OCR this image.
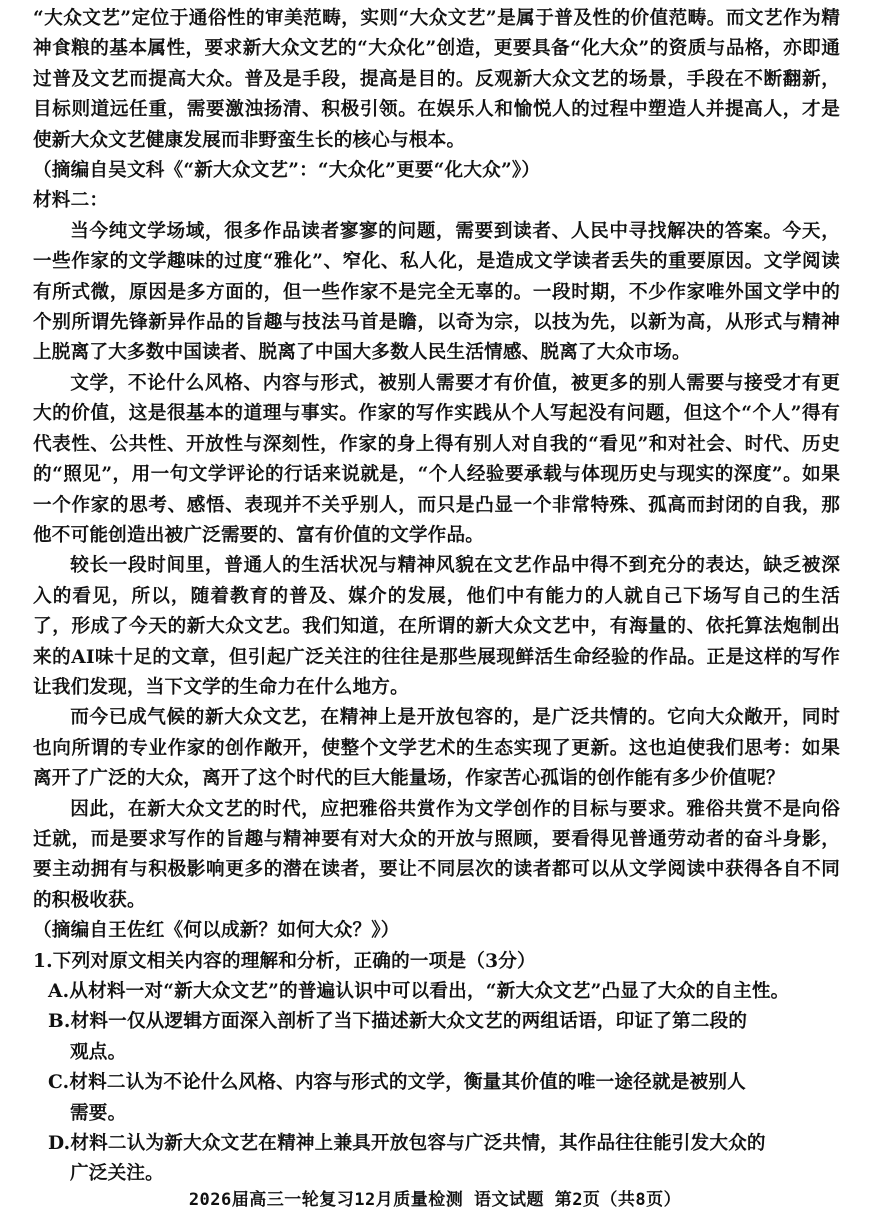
“大众文艺”定位于通俗性的审美范畴，实则“大众文艺”是属于普及性的价值范畴。而文艺作为精神食粮的基本属性，要求新大众文艺的“大众化”创造，更要具备“化大众”的资质与品格，亦即通过普及文艺而提高大众。普及是手段，提高是目的。反观新大众文艺的场景，手段在不断翻新，目标则道远任重，需要激浊扬清、积极引领。在娱乐人和愉悦人的过程中塑造人并提高人，才是使新大众文艺健康发展而非野蛮生长的核心与根本。

（摘编自吴文科《“新大众文艺”：“大众化”更要“化大众”》）

材料二：

当今纯文学场域，很多作品读者寥寥的问题，需要到读者、人民中寻找解决的答案。今天，一些作家的文学趣味的过度“雅化”、窄化、私人化，是造成文学读者丢失的重要原因。文学阅读有所式微，原因是多方面的，但一些作家不是完全无辜的。一段时期，不少作家唯外国文学中的个别所谓先锋新异作品的旨趣与技法马首是瞻，以奇为宗，以技为先，以新为高，从形式与精神上脱离了大多数中国读者、脱离了中国大多数人民生活情感、脱离了大众市场。

文学，不论什么风格、内容与形式，被别人需要才有价值，被更多的别人需要与接受才有更大的价值，这是很基本的道理与事实。作家的写作实践从个人写起没有问题，但这个“个人”得有代表性、公共性、开放性与深刻性，作家的身上得有别人对自我的“看见”和对社会、时代、历史的“照见”，用一句文学评论的行话来说就是，“个人经验要承载与体现历史与现实的深度”。如果一个作家的思考、感悟、表现并不关乎别人，而只是凸显一个非常特殊、孤高而封闭的自我，那他不可能创造出被广泛需要的、富有价值的文学作品。

较长一段时间里，普通人的生活状况与精神风貌在文艺作品中得不到充分的表达，缺乏被深入的看见，所以，随着教育的普及、媒介的发展，他们中有能力的人就自己下场写自己的生活了，形成了今天的新大众文艺。我们知道，在所谓的新大众文艺中，有海量的、依托算法炮制出来的AI味十足的文章，但引起广泛关注的往往是那些展现鲜活生命经验的作品。正是这样的写作让我们发现，当下文学的生命力在什么地方。

而今已成气候的新大众文艺，在精神上是开放包容的，是广泛共情的。它向大众敞开，同时也向所谓的专业作家的创作敞开，使整个文学艺术的生态实现了更新。这也迫使我们思考：如果离开了广泛的大众，离开了这个时代的巨大能量场，作家苦心孤诣的创作能有多少价值呢？

因此，在新大众文艺的时代，应把雅俗共赏作为文学创作的目标与要求。雅俗共赏不是向俗迁就，而是要求写作的旨趣与精神要有对大众的开放与照顾，要看得见普通劳动者的奋斗身影，要主动拥有与积极影响更多的潜在读者，要让不同层次的读者都可以从文学阅读中获得各自不同的积极收获。

（摘编自王佐红《何以成新？如何大众？》）

1.下列对原文相关内容的理解和分析，正确的一项是（3分）

A.从材料一对“新大众文艺”的普遍认识中可以看出，“新大众文艺”凸显了大众的自主性。

B.材料一仅从逻辑方面深入剖析了当下描述新大众文艺的两组话语，印证了第二段的
观点。

C.材料二认为不论什么风格、内容与形式的文学，衡量其价值的唯一途径就是被别人
需要。

D.材料二认为新大众文艺在精神上兼具开放包容与广泛共情，其作品往往能引发大众的
广泛关注。

2026届高三一轮复习12月质量检测 语文试题 第2页（共8页）
